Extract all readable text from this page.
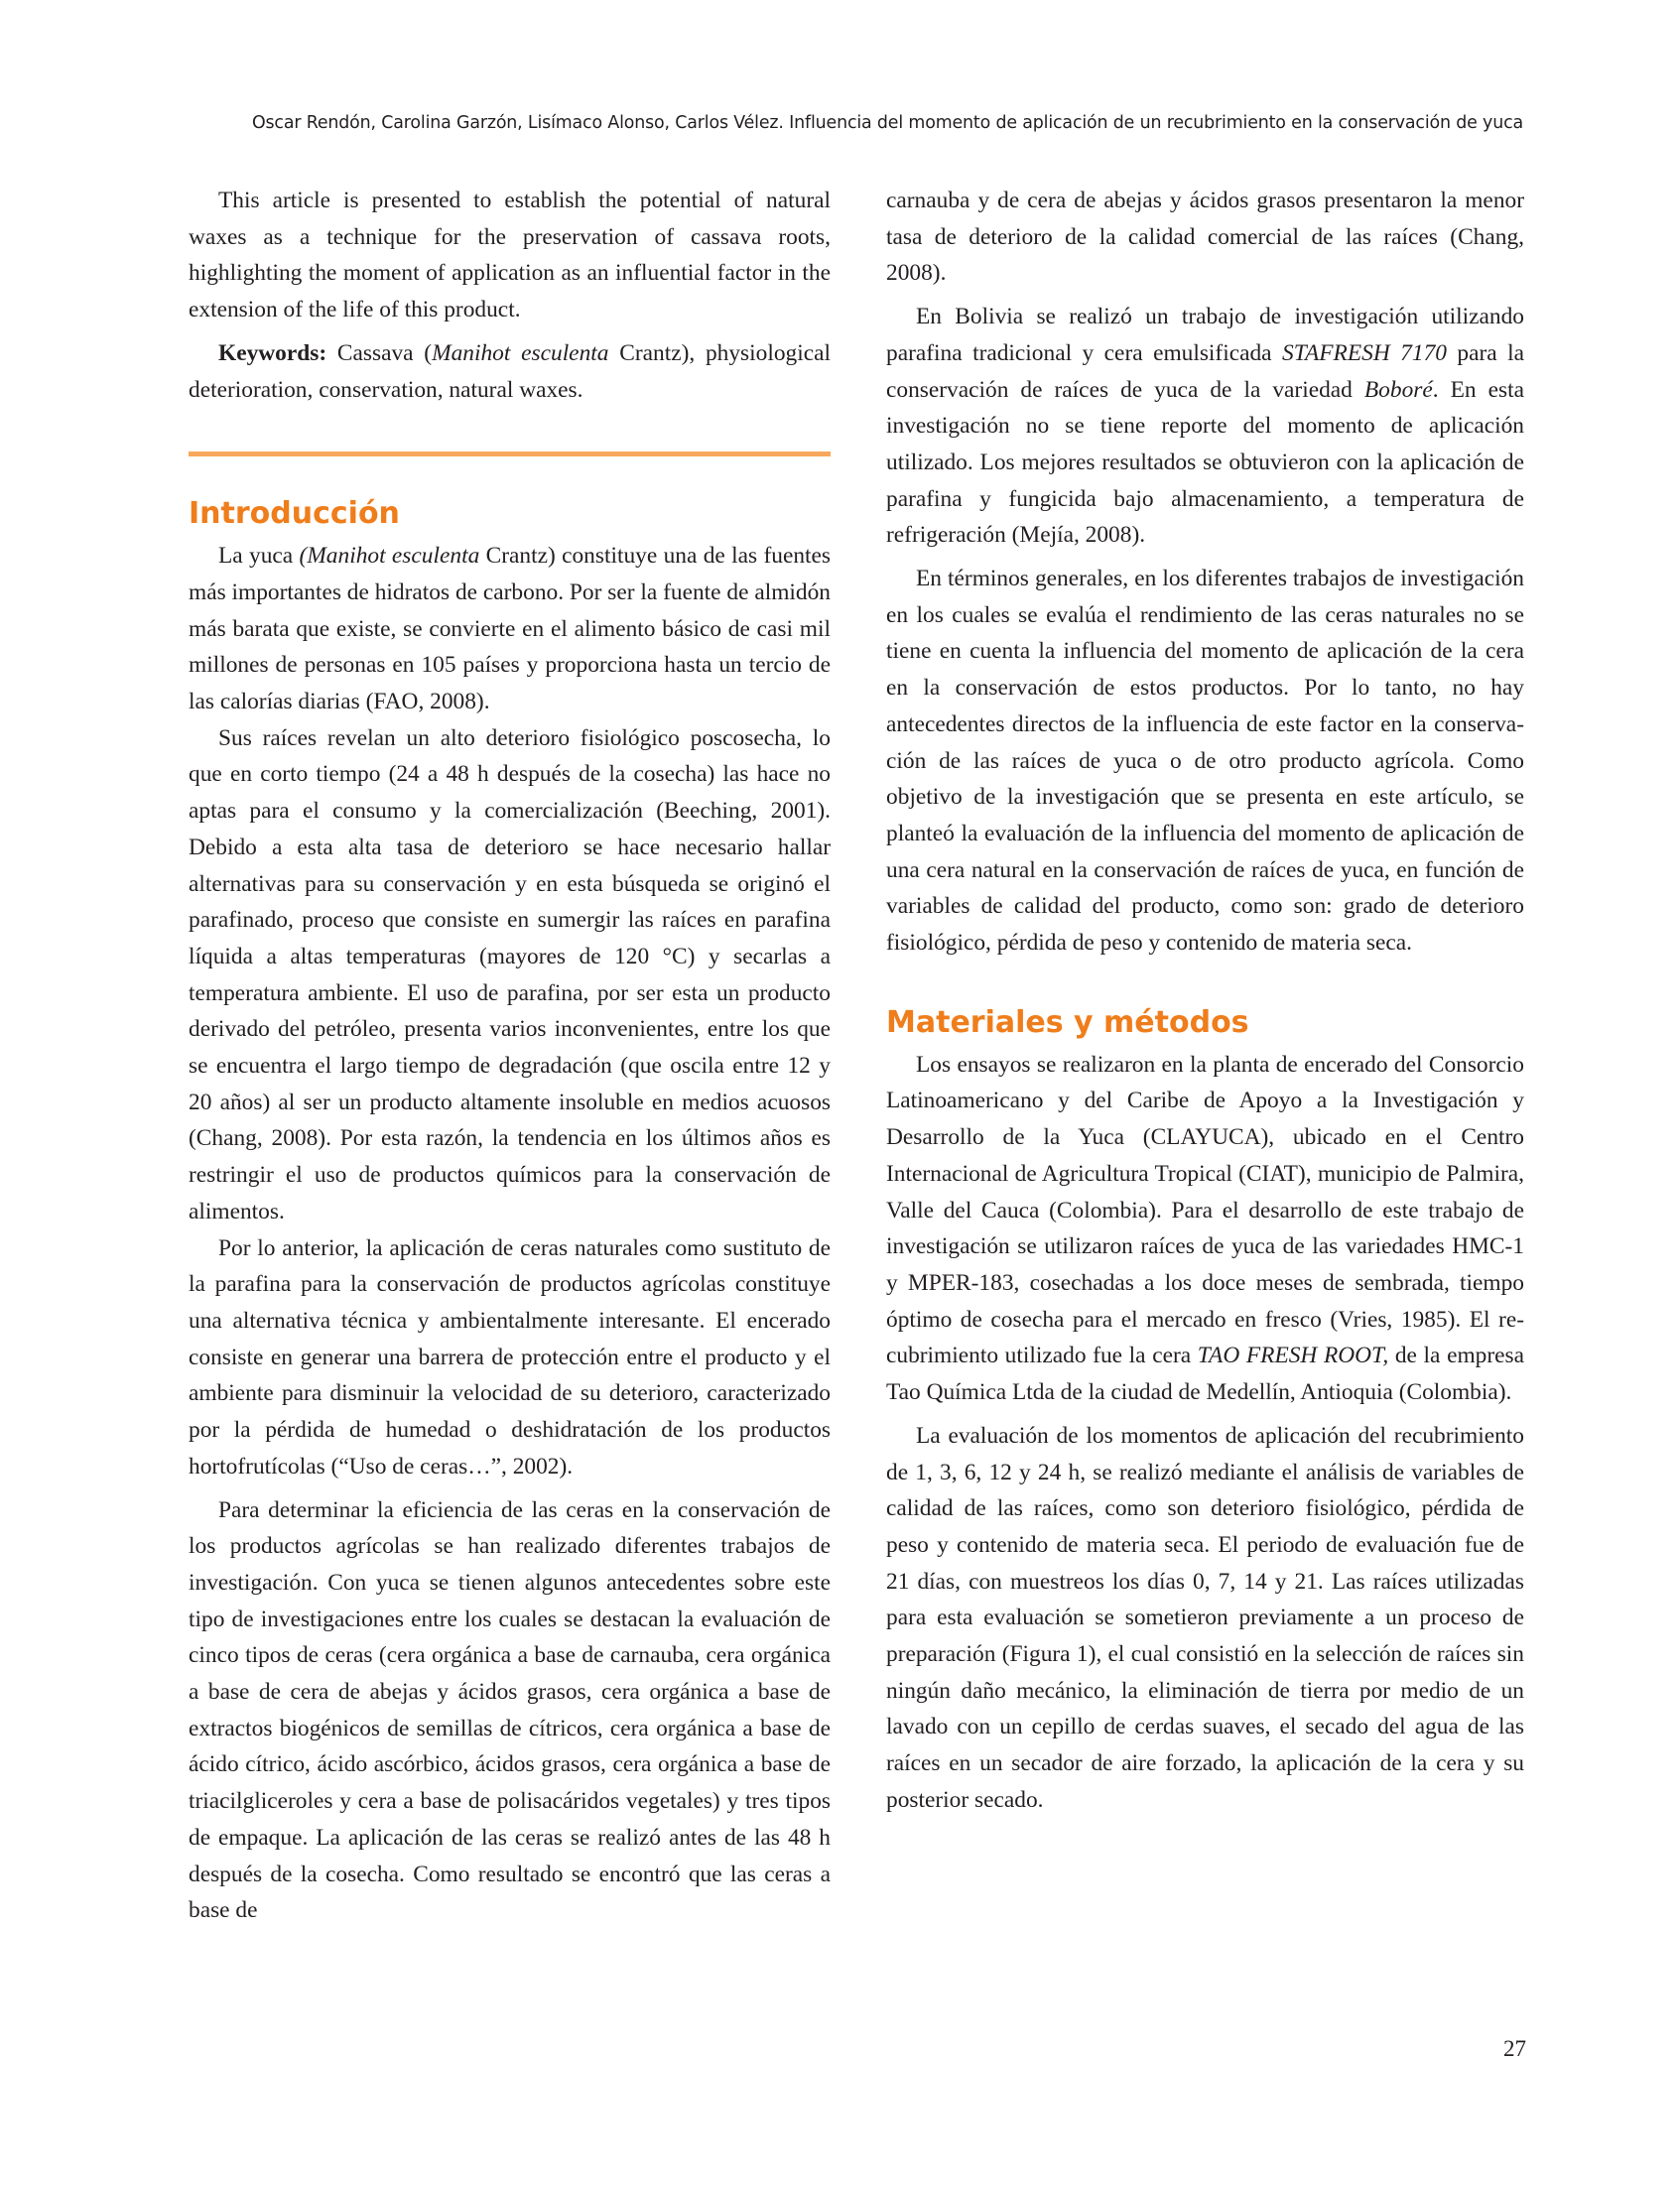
Oscar Rendón, Carolina Garzón, Lisímaco Alonso, Carlos Vélez. Influencia del momento de aplicación de un recubrimiento en la conservación de yuca

This article is presented to establish the potential of natural waxes as a technique for the preservation of cassava roots, highlighting the moment of application as an influential factor in the extension of the life of this product.

Keywords: Cassava (Manihot esculenta Crantz), physiological deterioration, conservation, natural waxes.

Introducción

La yuca (Manihot esculenta Crantz) constituye una de las fuentes más importantes de hidratos de carbono. Por ser la fuente de almidón más barata que existe, se convierte en el alimento básico de casi mil millones de personas en 105 países y proporciona hasta un tercio de las calorías diarias (FAO, 2008).

Sus raíces revelan un alto deterioro fisiológico poscosecha, lo que en corto tiempo (24 a 48 h después de la cosecha) las hace no aptas para el consumo y la comercialización (Beeching, 2001). Debido a esta alta tasa de deterioro se hace necesario hallar alternativas para su conservación y en esta búsqueda se originó el parafinado, proceso que consiste en sumergir las raíces en parafina líquida a altas temperaturas (mayores de 120 °C) y secarlas a temperatura ambiente. El uso de parafina, por ser esta un producto derivado del petróleo, presenta varios inconvenientes, entre los que se encuentra el largo tiempo de degradación (que oscila entre 12 y 20 años) al ser un producto altamente insoluble en medios acuosos (Chang, 2008). Por esta razón, la tendencia en los últimos años es restringir el uso de productos químicos para la conservación de alimentos.

Por lo anterior, la aplicación de ceras naturales como sustituto de la parafina para la conservación de productos agrícolas constituye una alternativa técnica y ambientalmente interesante. El encerado consiste en generar una barrera de protección entre el producto y el ambiente para disminuir la velocidad de su deterioro, caracterizado por la pérdida de humedad o deshidratación de los productos hortofrutícolas (“Uso de ceras…”, 2002).

Para determinar la eficiencia de las ceras en la conservación de los productos agrícolas se han realizado diferentes trabajos de investigación. Con yuca se tienen algunos antecedentes sobre este tipo de investigaciones entre los cuales se destacan la evaluación de cinco tipos de ceras (cera orgánica a base de carnauba, cera orgánica a base de cera de abejas y ácidos grasos, cera orgánica a base de extractos biogénicos de semillas de cítricos, cera orgánica a base de ácido cítrico, ácido ascórbico, ácidos grasos, cera orgánica a base de triacilgliceroles y cera a base de polisacáridos vegetales) y tres tipos de empaque. La aplicación de las ceras se realizó antes de las 48 h después de la cosecha. Como resultado se encontró que las ceras a base de

carnauba y de cera de abejas y ácidos grasos presentaron la menor tasa de deterioro de la calidad comercial de las raíces (Chang, 2008).

En Bolivia se realizó un trabajo de investigación utilizando parafina tradicional y cera emulsificada STAFRESH 7170 para la conservación de raíces de yuca de la variedad Boboré. En esta investigación no se tiene reporte del momento de aplicación utilizado. Los mejores resultados se obtuvieron con la aplicación de parafina y fungicida bajo almacenamiento, a temperatura de refrigeración (Mejía, 2008).

En términos generales, en los diferentes trabajos de investigación en los cuales se evalúa el rendimiento de las ceras naturales no se tiene en cuenta la influencia del momento de aplicación de la cera en la conservación de estos productos. Por lo tanto, no hay antecedentes directos de la influencia de este factor en la conservación de las raíces de yuca o de otro producto agrícola. Como objetivo de la investigación que se presenta en este artículo, se planteó la evaluación de la influencia del momento de aplicación de una cera natural en la conservación de raíces de yuca, en función de variables de calidad del producto, como son: grado de deterioro fisiológico, pérdida de peso y contenido de materia seca.

Materiales y métodos

Los ensayos se realizaron en la planta de encerado del Consorcio Latinoamericano y del Caribe de Apoyo a la Investigación y Desarrollo de la Yuca (CLAYUCA), ubicado en el Centro Internacional de Agricultura Tropical (CIAT), municipio de Palmira, Valle del Cauca (Colombia). Para el desarrollo de este trabajo de investigación se utilizaron raíces de yuca de las variedades HMC-1 y MPER-183, cosechadas a los doce meses de sembrada, tiempo óptimo de cosecha para el mercado en fresco (Vries, 1985). El recubrimiento utilizado fue la cera TAO FRESH ROOT, de la empresa Tao Química Ltda de la ciudad de Medellín, Antioquia (Colombia).

La evaluación de los momentos de aplicación del recubrimiento de 1, 3, 6, 12 y 24 h, se realizó mediante el análisis de variables de calidad de las raíces, como son deterioro fisiológico, pérdida de peso y contenido de materia seca. El periodo de evaluación fue de 21 días, con muestreos los días 0, 7, 14 y 21. Las raíces utilizadas para esta evaluación se sometieron previamente a un proceso de preparación (Figura 1), el cual consistió en la selección de raíces sin ningún daño mecánico, la eliminación de tierra por medio de un lavado con un cepillo de cerdas suaves, el secado del agua de las raíces en un secador de aire forzado, la aplicación de la cera y su posterior secado.

27
